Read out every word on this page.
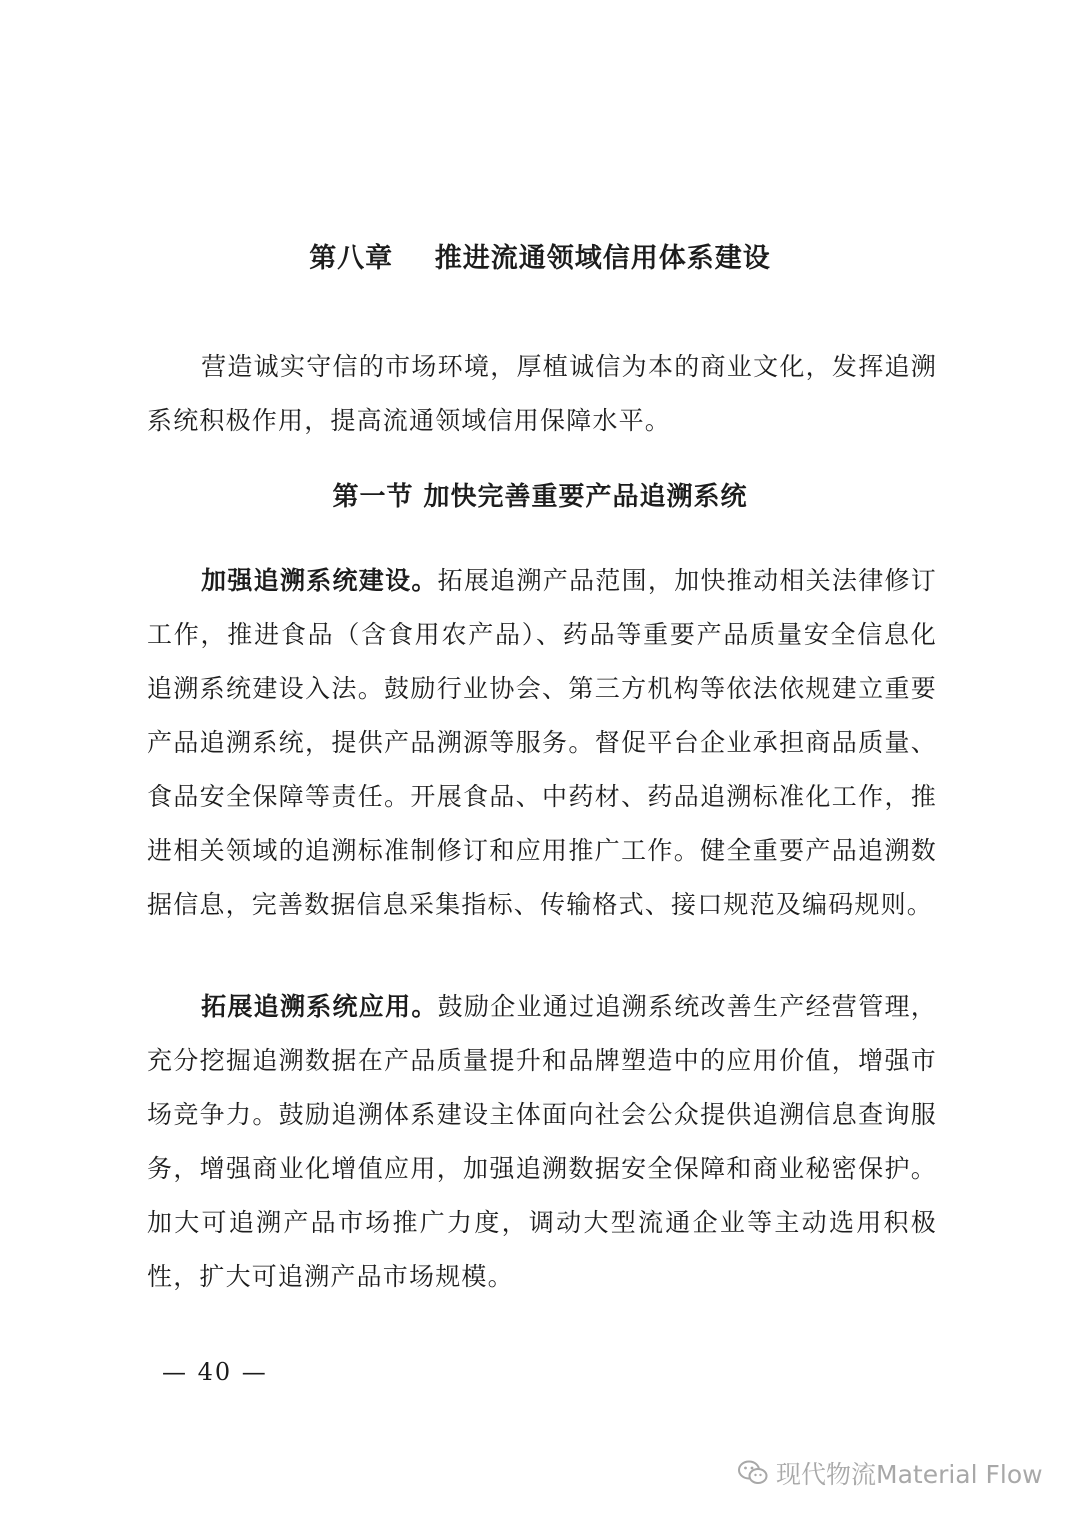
第八章 推进流通领域信用体系建设

营造诚实守信的市场环境，厚植诚信为本的商业文化，发挥追溯系统积极作用，提高流通领域信用保障水平。

第一节 加快完善重要产品追溯系统

加强追溯系统建设。拓展追溯产品范围，加快推动相关法律修订工作，推进食品（含食用农产品）、药品等重要产品质量安全信息化追溯系统建设入法。鼓励行业协会、第三方机构等依法依规建立重要产品追溯系统，提供产品溯源等服务。督促平台企业承担商品质量、食品安全保障等责任。开展食品、中药材、药品追溯标准化工作，推进相关领域的追溯标准制修订和应用推广工作。健全重要产品追溯数据信息，完善数据信息采集指标、传输格式、接口规范及编码规则。

拓展追溯系统应用。鼓励企业通过追溯系统改善生产经营管理，充分挖掘追溯数据在产品质量提升和品牌塑造中的应用价值，增强市场竞争力。鼓励追溯体系建设主体面向社会公众提供追溯信息查询服务，增强商业化增值应用，加强追溯数据安全保障和商业秘密保护。加大可追溯产品市场推广力度，调动大型流通企业等主动选用积极性，扩大可追溯产品市场规模。

— 40 —
现代物流Material Flow
